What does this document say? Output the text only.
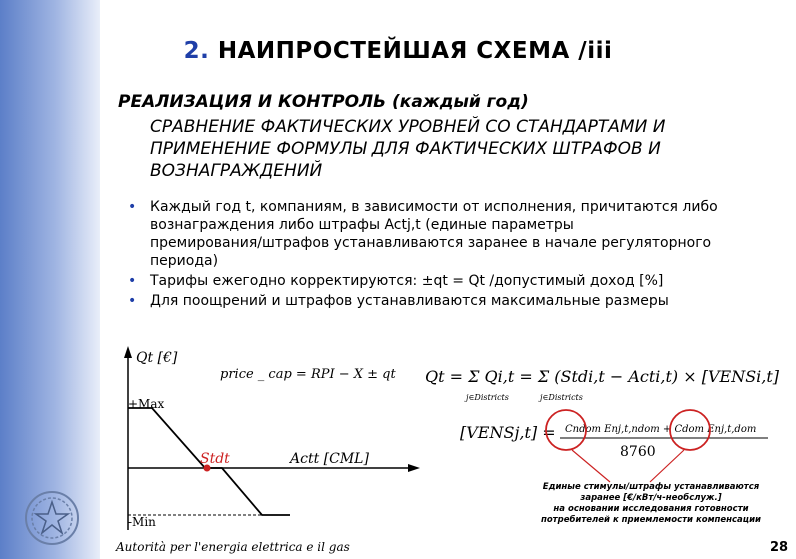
2. НАИПРОСТЕЙШАЯ СХЕМА /iii
РЕАЛИЗАЦИЯ И КОНТРОЛЬ (каждый год)
СРАВНЕНИЕ ФАКТИЧЕСКИХ УРОВНЕЙ СО СТАНДАРТАМИ И
ПРИМЕНЕНИЕ ФОРМУЛЫ ДЛЯ ФАКТИЧЕСКИХ ШТРАФОВ И
ВОЗНАГРАЖДЕНИЙ
• Каждый год t, компаниям, в зависимости от исполнения, причитаются либо
вознаграждения либо штрафы Actj,t (единые параметры
премирования/штрафов устанавливаются заранее в начале регуляторного
периода)
• Тарифы ежегодно корректируются: ±qt = Qt /допустимый доход [%]
• Для поощрений и штрафов устанавливаются максимальные размеры
Qt [€]
price _ cap = RPI − X ± qt
+Max
-Min
Stdt	Actt [CML]
Qt = Σ Qi,t = Σ (Stdi,t − Acti,t) × [VENSi,t]
j∈Districts	j∈Districts
[VENSj,t] = Cndom Enj,t,ndom + Cdom Enj,t,dom
8760
Единые стимулы/штрафы устанавливаются
заранее [€/кВт/ч-необслуж.]
на основании исследования готовности
потребителей к приемлемости компенсации
Autorità per l'energia elettrica e il gas	28
